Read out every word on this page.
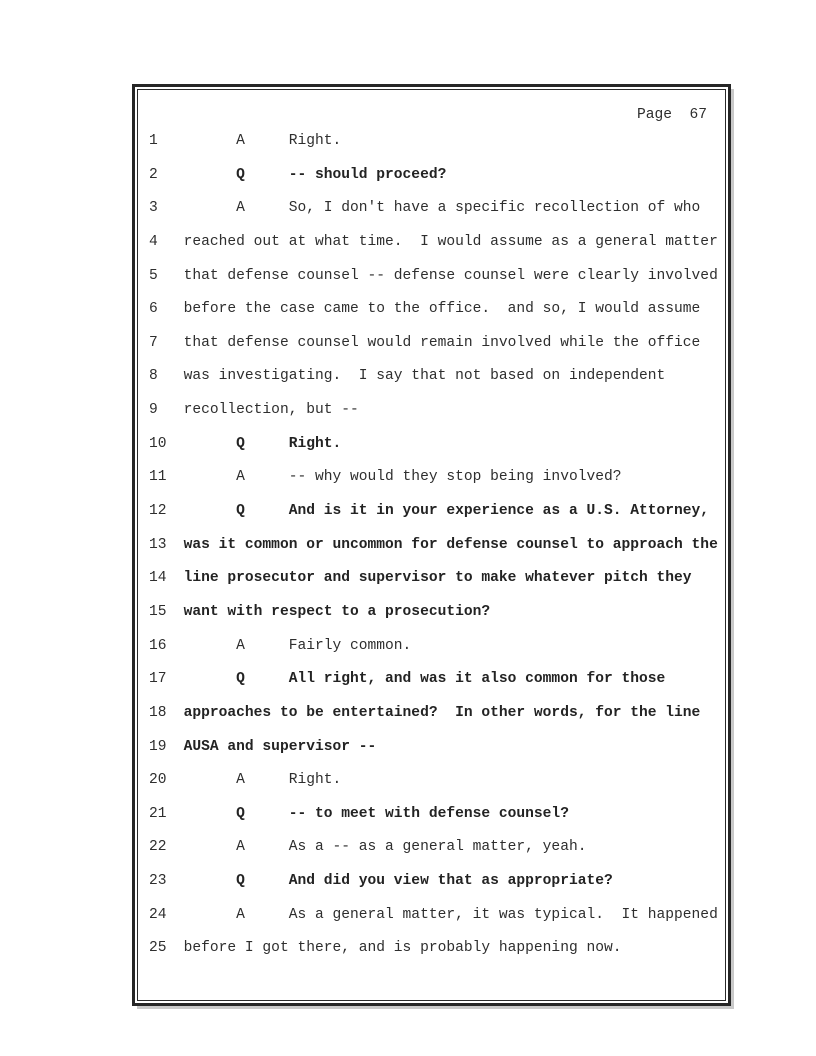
Page  67
1       A     Right.
2       Q     -- should proceed?
3       A     So, I don't have a specific recollection of who
4 reached out at what time.  I would assume as a general matter
5 that defense counsel -- defense counsel were clearly involved
6 before the case came to the office.  and so, I would assume
7 that defense counsel would remain involved while the office
8 was investigating.  I say that not based on independent
9 recollection, but --
10       Q     Right.
11       A     -- why would they stop being involved?
12       Q     And is it in your experience as a U.S. Attorney,
13 was it common or uncommon for defense counsel to approach the
14 line prosecutor and supervisor to make whatever pitch they
15 want with respect to a prosecution?
16       A     Fairly common.
17       Q     All right, and was it also common for those
18 approaches to be entertained?  In other words, for the line
19 AUSA and supervisor --
20       A     Right.
21       Q     -- to meet with defense counsel?
22       A     As a -- as a general matter, yeah.
23       Q     And did you view that as appropriate?
24       A     As a general matter, it was typical.  It happened
25 before I got there, and is probably happening now.
